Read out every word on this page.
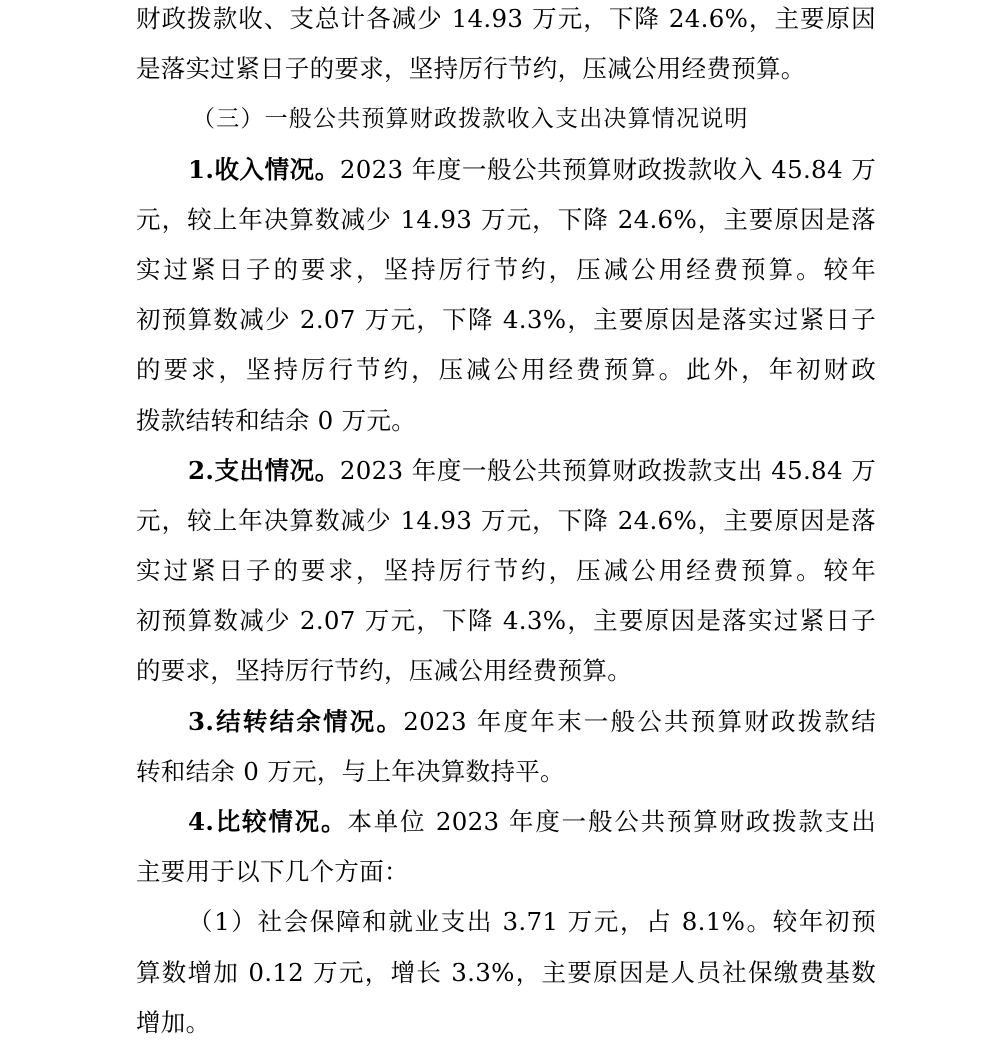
财政拨款收、支总计各减少 14.93 万元，下降 24.6%，主要原因
是落实过紧日子的要求，坚持厉行节约，压减公用经费预算。
（三）一般公共预算财政拨款收入支出决算情况说明
1.收入情况。2023 年度一般公共预算财政拨款收入 45.84 万
元，较上年决算数减少 14.93 万元，下降 24.6%，主要原因是落
实过紧日子的要求，坚持厉行节约，压减公用经费预算。较年
初预算数减少 2.07 万元，下降 4.3%，主要原因是落实过紧日子
的要求，坚持厉行节约，压减公用经费预算。此外，年初财政
拨款结转和结余 0 万元。
2.支出情况。2023 年度一般公共预算财政拨款支出 45.84 万
元，较上年决算数减少 14.93 万元，下降 24.6%，主要原因是落
实过紧日子的要求，坚持厉行节约，压减公用经费预算。较年
初预算数减少 2.07 万元，下降 4.3%，主要原因是落实过紧日子
的要求，坚持厉行节约，压减公用经费预算。
3.结转结余情况。2023 年度年末一般公共预算财政拨款结
转和结余 0 万元，与上年决算数持平。
4.比较情况。本单位 2023 年度一般公共预算财政拨款支出
主要用于以下几个方面：
（1）社会保障和就业支出 3.71 万元，占 8.1%。较年初预
算数增加 0.12 万元，增长 3.3%，主要原因是人员社保缴费基数
增加。
